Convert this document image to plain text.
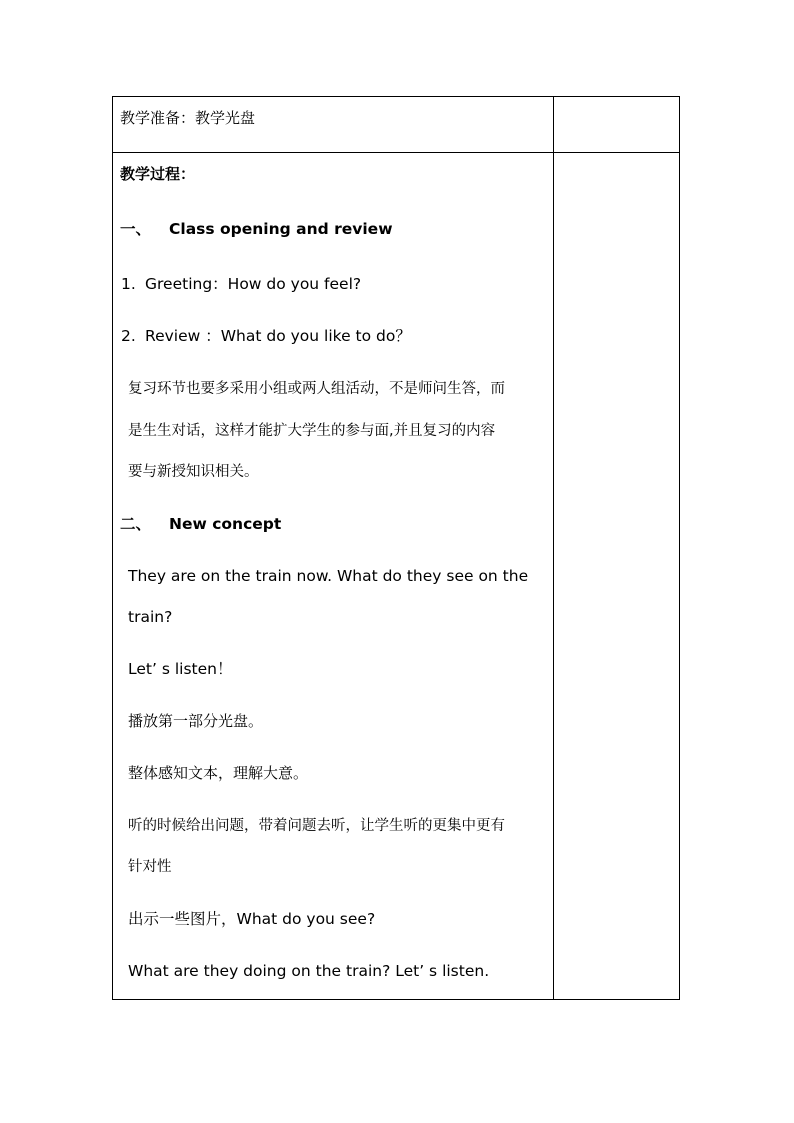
教学准备：教学光盘
教学过程：
一、 Class opening and review
1. Greeting：How do you feel?
2. Review ：What do you like to do？
复习环节也要多采用小组或两人组活动，不是师问生答，而
是生生对话，这样才能扩大学生的参与面,并且复习的内容
要与新授知识相关。
二、 New concept
They are on the train now. What do they see on the
train?
Let’ s listen！
播放第一部分光盘。
整体感知文本，理解大意。
听的时候给出问题，带着问题去听，让学生听的更集中更有
针对性
出示一些图片，What do you see?
What are they doing on the train? Let’ s listen.
